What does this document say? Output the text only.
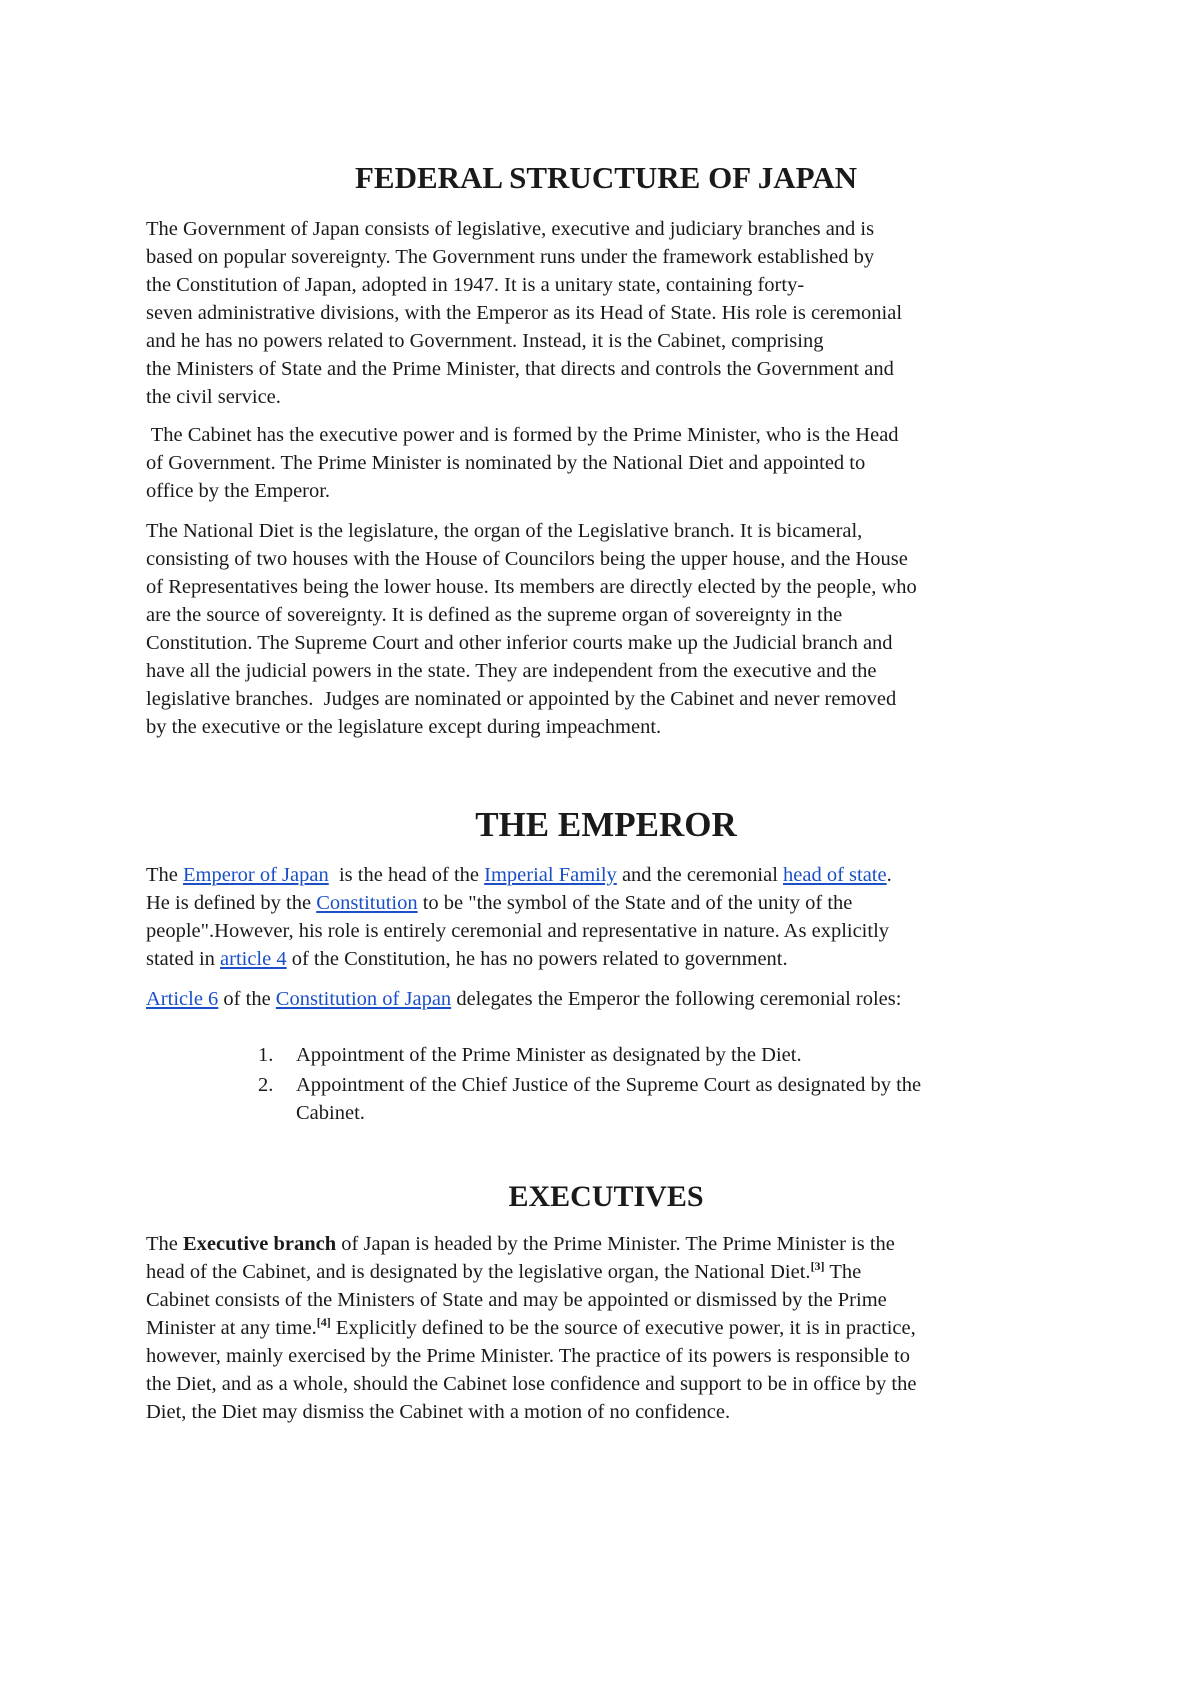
FEDERAL STRUCTURE OF JAPAN
The Government of Japan consists of legislative, executive and judiciary branches and is
based on popular sovereignty. The Government runs under the framework established by
the Constitution of Japan, adopted in 1947. It is a unitary state, containing forty-
seven administrative divisions, with the Emperor as its Head of State. His role is ceremonial
and he has no powers related to Government. Instead, it is the Cabinet, comprising
the Ministers of State and the Prime Minister, that directs and controls the Government and
the civil service.
The Cabinet has the executive power and is formed by the Prime Minister, who is the Head
of Government. The Prime Minister is nominated by the National Diet and appointed to
office by the Emperor.
The National Diet is the legislature, the organ of the Legislative branch. It is bicameral,
consisting of two houses with the House of Councilors being the upper house, and the House
of Representatives being the lower house. Its members are directly elected by the people, who
are the source of sovereignty. It is defined as the supreme organ of sovereignty in the
Constitution. The Supreme Court and other inferior courts make up the Judicial branch and
have all the judicial powers in the state. They are independent from the executive and the
legislative branches.  Judges are nominated or appointed by the Cabinet and never removed
by the executive or the legislature except during impeachment.
THE EMPEROR
The Emperor of Japan  is the head of the Imperial Family and the ceremonial head of state.
He is defined by the Constitution to be "the symbol of the State and of the unity of the
people".However, his role is entirely ceremonial and representative in nature. As explicitly
stated in article 4 of the Constitution, he has no powers related to government.
Article 6 of the Constitution of Japan delegates the Emperor the following ceremonial roles:
1. Appointment of the Prime Minister as designated by the Diet.
2. Appointment of the Chief Justice of the Supreme Court as designated by the
Cabinet.
EXECUTIVES
The Executive branch of Japan is headed by the Prime Minister. The Prime Minister is the
head of the Cabinet, and is designated by the legislative organ, the National Diet.[3] The
Cabinet consists of the Ministers of State and may be appointed or dismissed by the Prime
Minister at any time.[4] Explicitly defined to be the source of executive power, it is in practice,
however, mainly exercised by the Prime Minister. The practice of its powers is responsible to
the Diet, and as a whole, should the Cabinet lose confidence and support to be in office by the
Diet, the Diet may dismiss the Cabinet with a motion of no confidence.
